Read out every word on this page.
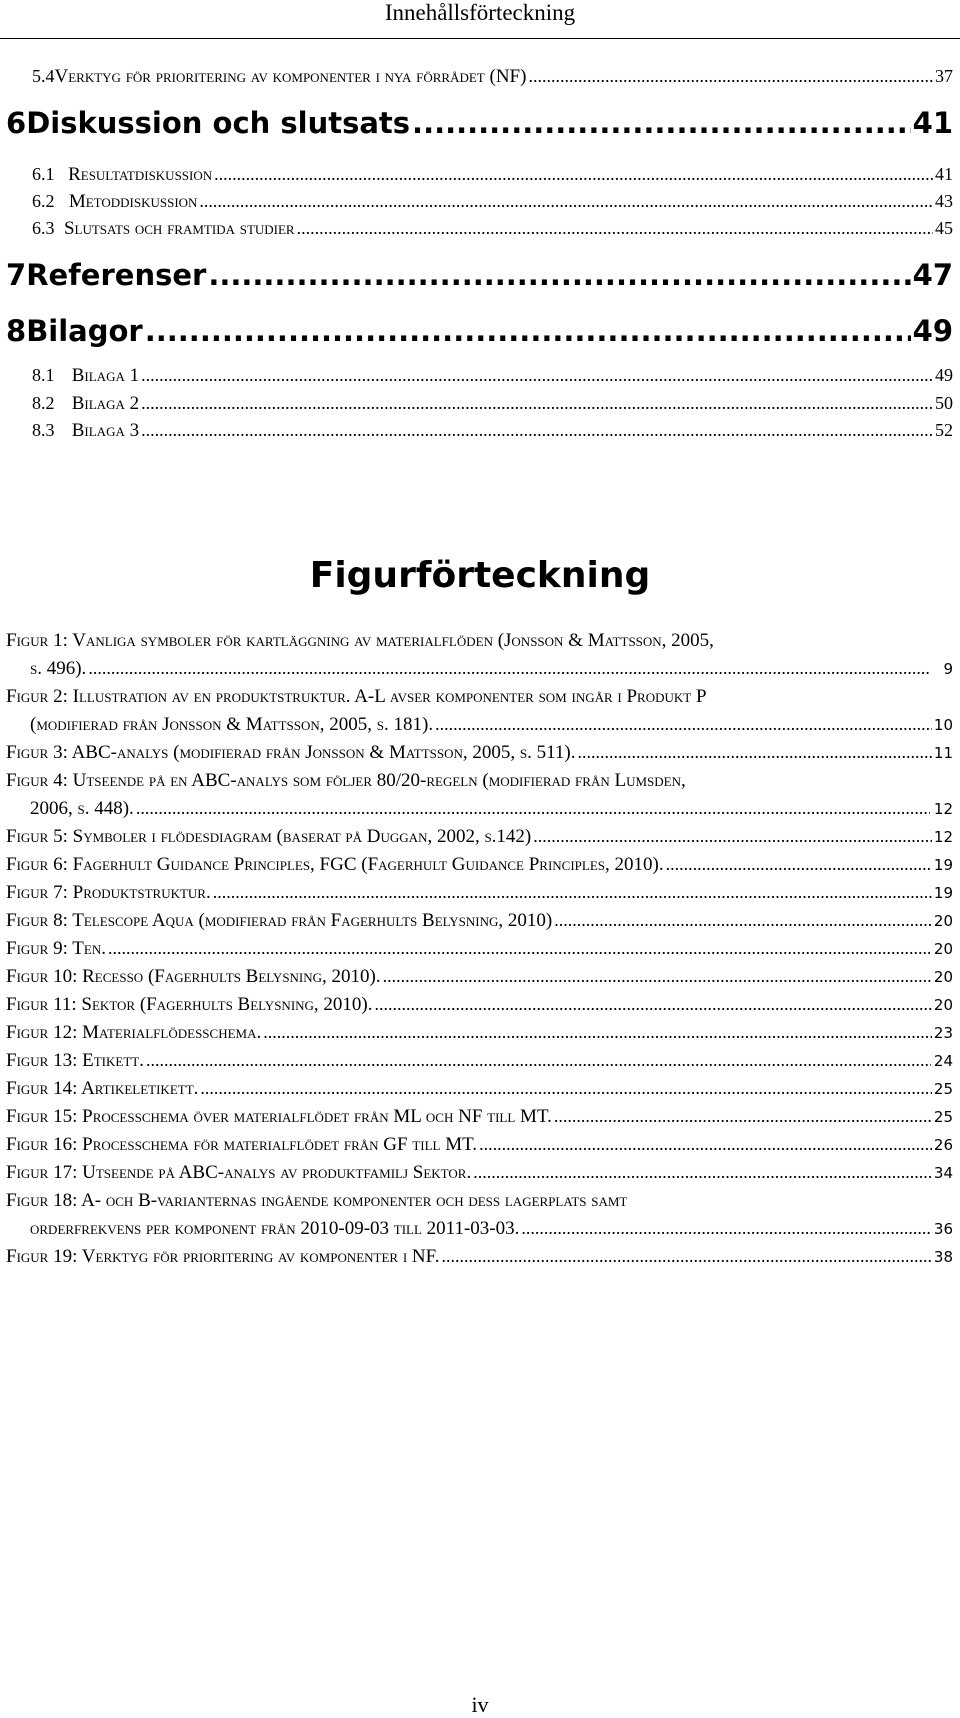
Innehållsförteckning
5.4 Verktyg för prioritering av komponenter i nya förrådet (NF) .....	37
6 Diskussion och slutsats .....	41
6.1 Resultatdiskussion .....	41
6.2 Metoddiskussion .....	43
6.3 Slutsats och framtida studier .....	45
7 Referenser .....	47
8 Bilagor .....	49
8.1 Bilaga 1 .....	49
8.2 Bilaga 2 .....	50
8.3 Bilaga 3 .....	52
Figurförteckning
Figur 1: Vanliga symboler för kartläggning av materialflöden (Jonsson & Mattsson, 2005,
s. 496). .....	9
Figur 2: Illustration av en produktstruktur. A-L avser komponenter som ingår i Produkt P
(modifierad från Jonsson & Mattsson, 2005, s. 181). .....	10
Figur 3: ABC-analys (modifierad från Jonsson & Mattsson, 2005, s. 511). .....	11
Figur 4: Utseende på en ABC-analys som följer 80/20-regeln (modifierad från Lumsden,
2006, s. 448). .....	12
Figur 5: Symboler i flödesdiagram (baserat på Duggan, 2002, s.142) .....	12
Figur 6: Fagerhult Guidance Principles, FGC (Fagerhult Guidance Principles, 2010). .....	19
Figur 7: Produktstruktur. .....	19
Figur 8: Telescope Aqua (modifierad från Fagerhults Belysning, 2010) .....	20
Figur 9: Ten. .....	20
Figur 10: Recesso (Fagerhults Belysning, 2010). .....	20
Figur 11: Sektor (Fagerhults Belysning, 2010). .....	20
Figur 12: Materialflödesschema. .....	23
Figur 13: Etikett. .....	24
Figur 14: Artikeletikett. .....	25
Figur 15: Processchema över materialflödet från ML och NF till MT. .....	25
Figur 16: Processchema för materialflödet från GF till MT. .....	26
Figur 17: Utseende på ABC-analys av produktfamilj Sektor. .....	34
Figur 18: A- och B-varianternas ingående komponenter och dess lagerplats samt
orderfrekvens per komponent från 2010-09-03 till 2011-03-03. .....	36
Figur 19: Verktyg för prioritering av komponenter i NF. .....	38
iv
